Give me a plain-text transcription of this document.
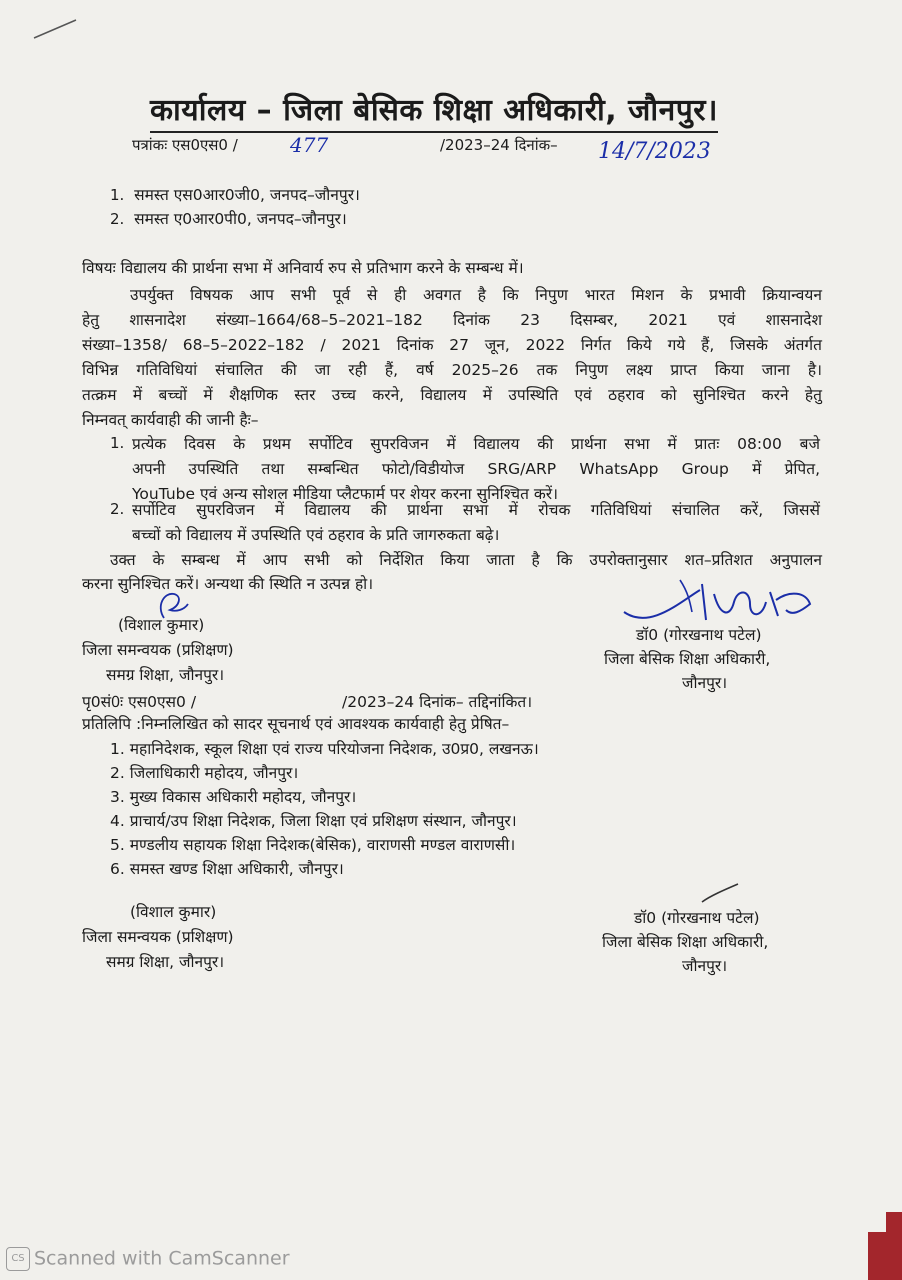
कार्यालय – जिला बेसिक शिक्षा अधिकारी, जौनपुर।
पत्रांकः एस0एस0 /	477	/2023–24 दिनांक– 14/7/2023
1. समस्त एस0आर0जी0, जनपद–जौनपुर।
2. समस्त ए0आर0पी0, जनपद–जौनपुर।
विषयः विद्यालय की प्रार्थना सभा में अनिवार्य रुप से प्रतिभाग करने के सम्बन्ध में।
उपर्युक्त विषयक आप सभी पूर्व से ही अवगत है कि निपुण भारत मिशन के प्रभावी क्रियान्वयन
हेतु शासनादेश संख्या–1664/68–5–2021–182 दिनांक 23 दिसम्बर, 2021 एवं शासनादेश
संख्या–1358/ 68–5–2022–182 / 2021 दिनांक 27 जून, 2022 निर्गत किये गये हैं, जिसके अंतर्गत
विभिन्न गतिविधियां संचालित की जा रही हैं, वर्ष 2025–26 तक निपुण लक्ष्य प्राप्त किया जाना है।
तत्क्रम में बच्चों में शैक्षणिक स्तर उच्च करने, विद्यालय में उपस्थिति एवं ठहराव को सुनिश्चित करने हेतु
निम्नवत् कार्यवाही की जानी हैः–
1. प्रत्येक दिवस के प्रथम सर्पोटिव सुपरविजन में विद्यालय की प्रार्थना सभा में प्रातः 08:00 बजे
अपनी उपस्थिति तथा सम्बन्धित फोटो/विडीयोज SRG/ARP WhatsApp Group में प्रेपित,
YouTube एवं अन्य सोशल मीडिया प्लैटफार्म पर शेयर करना सुनिश्चित करें।
2. सर्पोटिव सुपरविजन में विद्यालय की प्रार्थना सभा में रोचक गतिविधियां संचालित करें, जिससें
बच्चों को विद्यालय में उपस्थिति एवं ठहराव के प्रति जागरुकता बढ़े।
उक्त के सम्बन्ध में आप सभी को निर्देशित किया जाता है कि उपरोक्तानुसार शत–प्रतिशत अनुपालन
करना सुनिश्चित करें। अन्यथा की स्थिति न उत्पन्न हो।
(विशाल कुमार)
जिला समन्वयक (प्रशिक्षण)
समग्र शिक्षा, जौनपुर।
डॉ0 (गोरखनाथ पटेल)
जिला बेसिक शिक्षा अधिकारी,
जौनपुर।
पृ0सं0ः एस0एस0 /	/2023–24 दिनांक– तद्दिनांकित।
प्रतिलिपि :निम्नलिखित को सादर सूचनार्थ एवं आवश्यक कार्यवाही हेतु प्रेषित–
1. महानिदेशक, स्कूल शिक्षा एवं राज्य परियोजना निदेशक, उ0प्र0, लखनऊ।
2. जिलाधिकारी महोदय, जौनपुर।
3. मुख्य विकास अधिकारी महोदय, जौनपुर।
4. प्राचार्य/उप शिक्षा निदेशक, जिला शिक्षा एवं प्रशिक्षण संस्थान, जौनपुर।
5. मण्डलीय सहायक शिक्षा निदेशक(बेसिक), वाराणसी मण्डल वाराणसी।
6. समस्त खण्ड शिक्षा अधिकारी, जौनपुर।
(विशाल कुमार)
जिला समन्वयक (प्रशिक्षण)
समग्र शिक्षा, जौनपुर।
डॉ0 (गोरखनाथ पटेल)
जिला बेसिक शिक्षा अधिकारी,
जौनपुर।
CS Scanned with CamScanner
